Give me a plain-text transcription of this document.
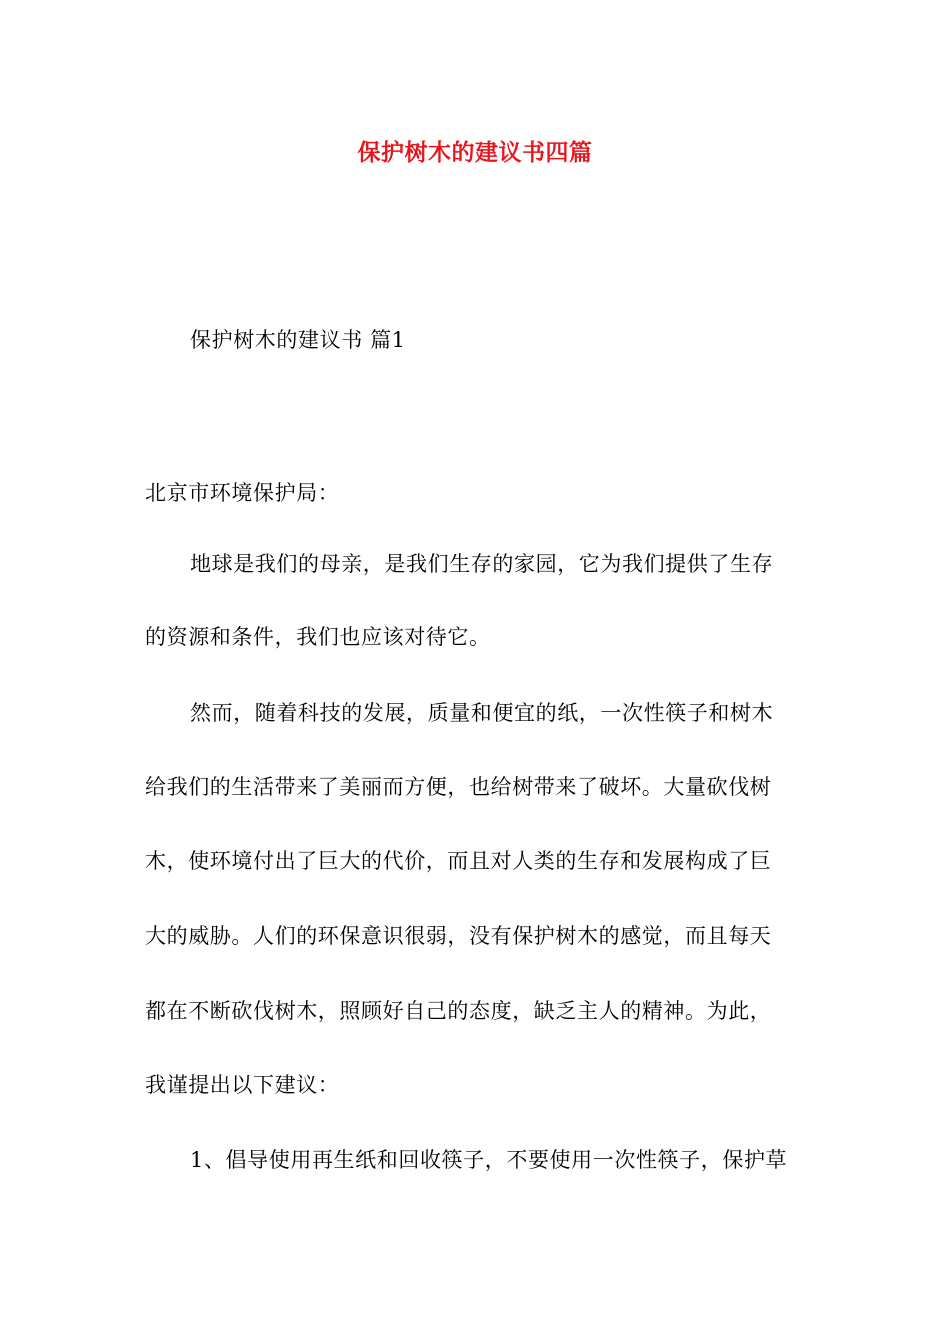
保护树木的建议书四篇
保护树木的建议书 篇1
北京市环境保护局：
地球是我们的母亲，是我们生存的家园，它为我们提供了生存
的资源和条件，我们也应该对待它。
然而，随着科技的发展，质量和便宜的纸，一次性筷子和树木
给我们的生活带来了美丽而方便，也给树带来了破坏。大量砍伐树
木，使环境付出了巨大的代价，而且对人类的生存和发展构成了巨
大的威胁。人们的环保意识很弱，没有保护树木的感觉，而且每天
都在不断砍伐树木，照顾好自己的态度，缺乏主人的精神。为此，
我谨提出以下建议：
1、倡导使用再生纸和回收筷子，不要使用一次性筷子，保护草
